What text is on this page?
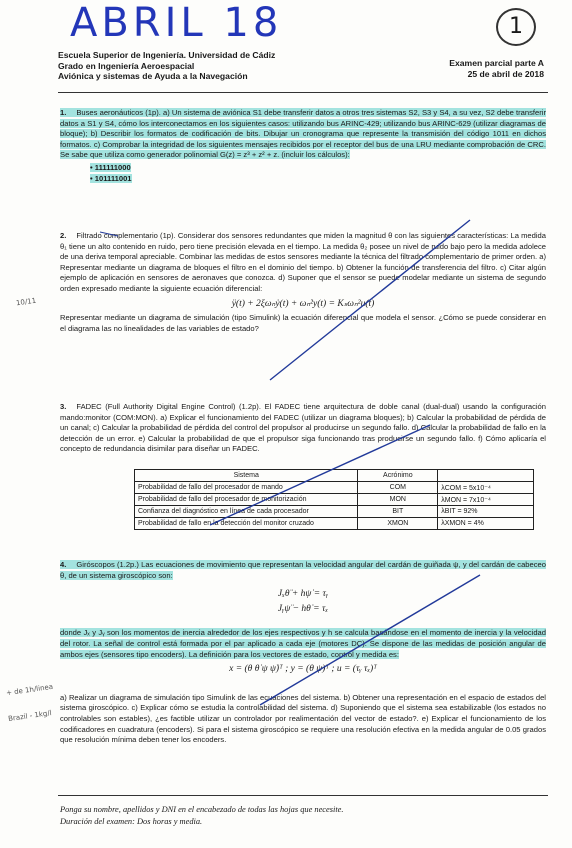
ABRIL 18	1
Escuela Superior de Ingeniería. Universidad de Cádiz
Grado en Ingeniería Aeroespacial
Aviónica y sistemas de Ayuda a la Navegación
Examen parcial parte A
25 de abril de 2018
1. Buses aeronáuticos (1p). a) Un sistema de aviónica S1 debe transferir datos a otros tres sistemas S2, S3 y S4, a su vez, S2 debe transferir datos a S1 y S4, cómo los interconectamos en los siguientes casos: utilizando bus ARINC-429; utilizando bus ARINC-629 (utilizar diagramas de bloque); b) Describir los formatos de codificación de bits. Dibujar un cronograma que represente la transmisión del código 1011 en dichos formatos. c) Comprobar la integridad de los siguientes mensajes recibidos por el receptor del bus de una LRU mediante comprobación de CRC. Se sabe que utiliza como generador polinomial G(z) = z³ + z² + z. (incluir los cálculos):
• 111111000
• 101111001
2. Filtrado complementario (1p). Considerar dos sensores redundantes que miden la magnitud θ con las siguientes características: La medida θ₁ tiene un alto contenido en ruido, pero tiene precisión elevada en el tiempo. La medida θ₂ posee un nivel de ruido bajo pero la medida adolece de una deriva temporal apreciable. Combinar las medidas de estos sensores mediante la técnica del filtrado complementario de primer orden. a) Representar mediante un diagrama de bloques el filtro en el dominio del tiempo. b) Obtener la función de transferencia del filtro. c) Citar algún ejemplo de aplicación en sensores de aeronaves que conozca. d) Suponer que el sensor se puede modelar mediante un sistema de segundo orden expresado mediante la siguiente ecuación diferencial:
ÿ(t) + 2ξωₙẏ(t) + ωₙ²y(t) = Kₛωₙ²u(t)
Representar mediante un diagrama de simulación (tipo Simulink) la ecuación diferencial que modela el sensor. ¿Cómo se puede considerar en el diagrama las no linealidades de las variables de estado?
3. FADEC (Full Authority Digital Engine Control) (1.2p). El FADEC tiene arquitectura de doble canal (dual-dual) usando la configuración mando:monitor (COM:MON). a) Explicar el funcionamiento del FADEC (utilizar un diagrama bloques); b) Calcular la probabilidad de pérdida de un canal; c) Calcular la probabilidad de pérdida del control del propulsor al producirse un segundo fallo. d) Calcular la probabilidad de fallo en la detección de un error. e) Calcular la probabilidad de que el propulsor siga funcionando tras producirse un segundo fallo. f) Cómo aplicaría el concepto de redundancia disimilar para diseñar un FADEC.
Sistema	Acrónimo	
Probabilidad de fallo del procesador de mando	COM	λCOM = 5x10⁻⁴
Probabilidad de fallo del procesador de monitorización	MON	λMON = 7x10⁻⁴
Confianza del diagnóstico en línea de cada procesador	BIT	λBIT = 92%
Probabilidad de fallo en la detección del monitor cruzado	XMON	λXMON = 4%
4. Giróscopos (1.2p.) Las ecuaciones de movimiento que representan la velocidad angular del cardán de guiñada ψ, y del cardán de cabeceo θ, de un sistema giroscópico son:
Jₓθ̈ + hψ̇ = τᵧ
Jᵧψ̈ − hθ̇ = τₓ
donde Jₓ y Jᵧ son los momentos de inercia alrededor de los ejes respectivos y h se calcula basándose en el momento de inercia y la velocidad del rotor. La señal de control está formada por el par aplicado a cada eje (motores DC). Se dispone de las medidas de posición angular de ambos ejes (sensores tipo encoders). La definición para los vectores de estado, control y medida es:
x = (θ θ̇ ψ ψ̇)ᵀ ; y = (θ ψ)ᵀ ; u = (τᵧ τₓ)ᵀ
a) Realizar un diagrama de simulación tipo Simulink de las ecuaciones del sistema. b) Obtener una representación en el espacio de estados del sistema giroscópico. c) Explicar cómo se estudia la controlabilidad del sistema. d) Suponiendo que el sistema sea estabilizable (los estados no controlables son estables), ¿es factible utilizar un controlador por realimentación del vector de estado?. e) Explicar el funcionamiento de los codificadores en cuadratura (encoders). Si para el sistema giroscópico se requiere una resolución efectiva en la medida angular de 0.05 grados que resolución mínima deben tener los encoders.
Ponga su nombre, apellidos y DNI en el encabezado de todas las hojas que necesite.
Duración del examen: Dos horas y media.
10/11
+ de 1h/linea
Brazil - 1kg/l
